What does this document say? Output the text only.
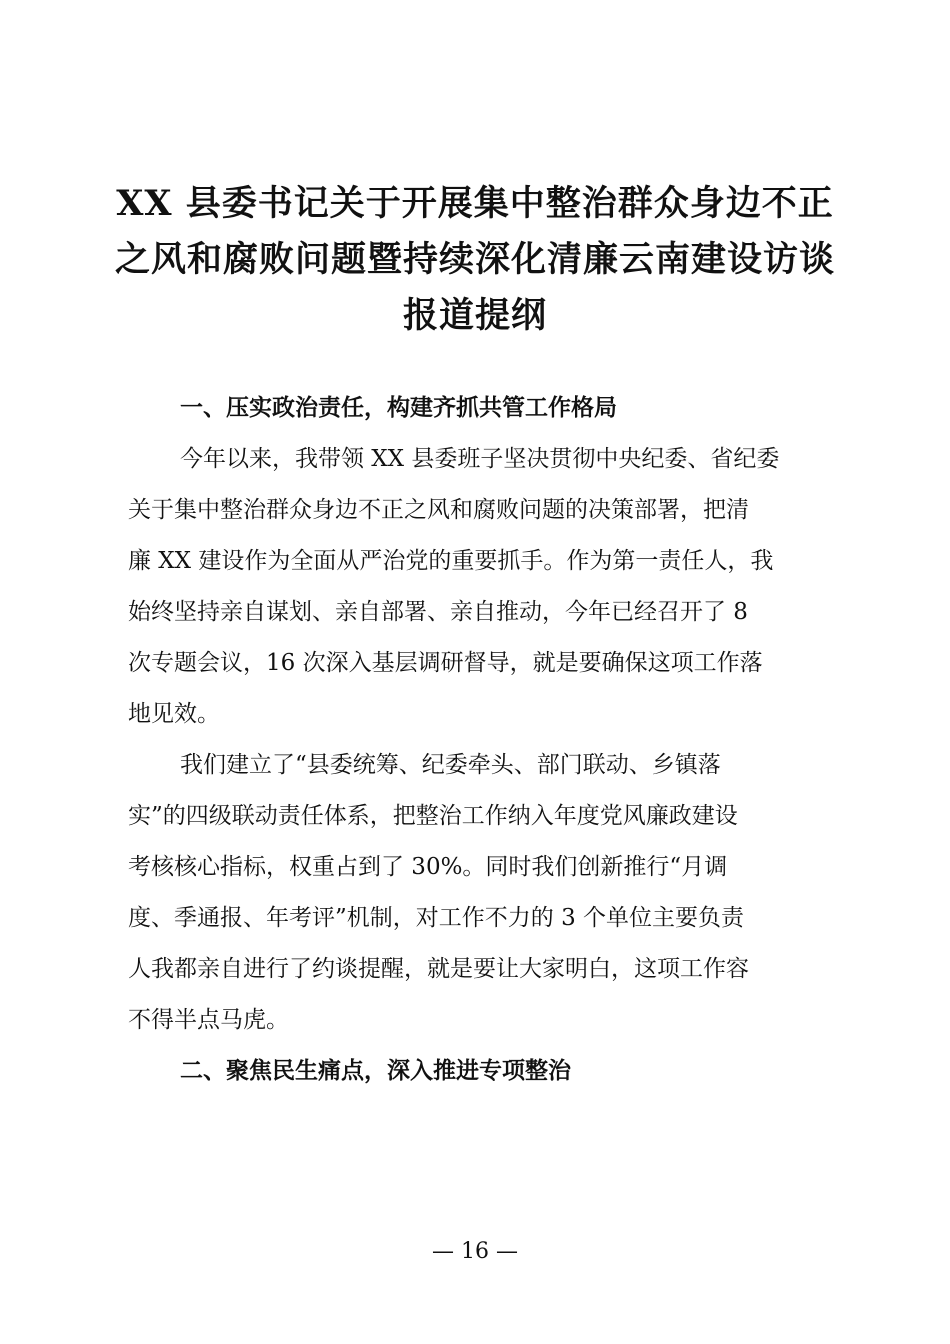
XX 县委书记关于开展集中整治群众身边不正
之风和腐败问题暨持续深化清廉云南建设访谈
报道提纲

一、压实政治责任，构建齐抓共管工作格局

今年以来，我带领 XX 县委班子坚决贯彻中央纪委、省纪委
关于集中整治群众身边不正之风和腐败问题的决策部署，把清
廉 XX 建设作为全面从严治党的重要抓手。作为第一责任人，我
始终坚持亲自谋划、亲自部署、亲自推动，今年已经召开了 8
次专题会议，16 次深入基层调研督导，就是要确保这项工作落
地见效。

我们建立了“县委统筹、纪委牵头、部门联动、乡镇落
实”的四级联动责任体系，把整治工作纳入年度党风廉政建设
考核核心指标，权重占到了 30%。同时我们创新推行“月调
度、季通报、年考评”机制，对工作不力的 3 个单位主要负责
人我都亲自进行了约谈提醒，就是要让大家明白，这项工作容
不得半点马虎。

二、聚焦民生痛点，深入推进专项整治

— 16 —
